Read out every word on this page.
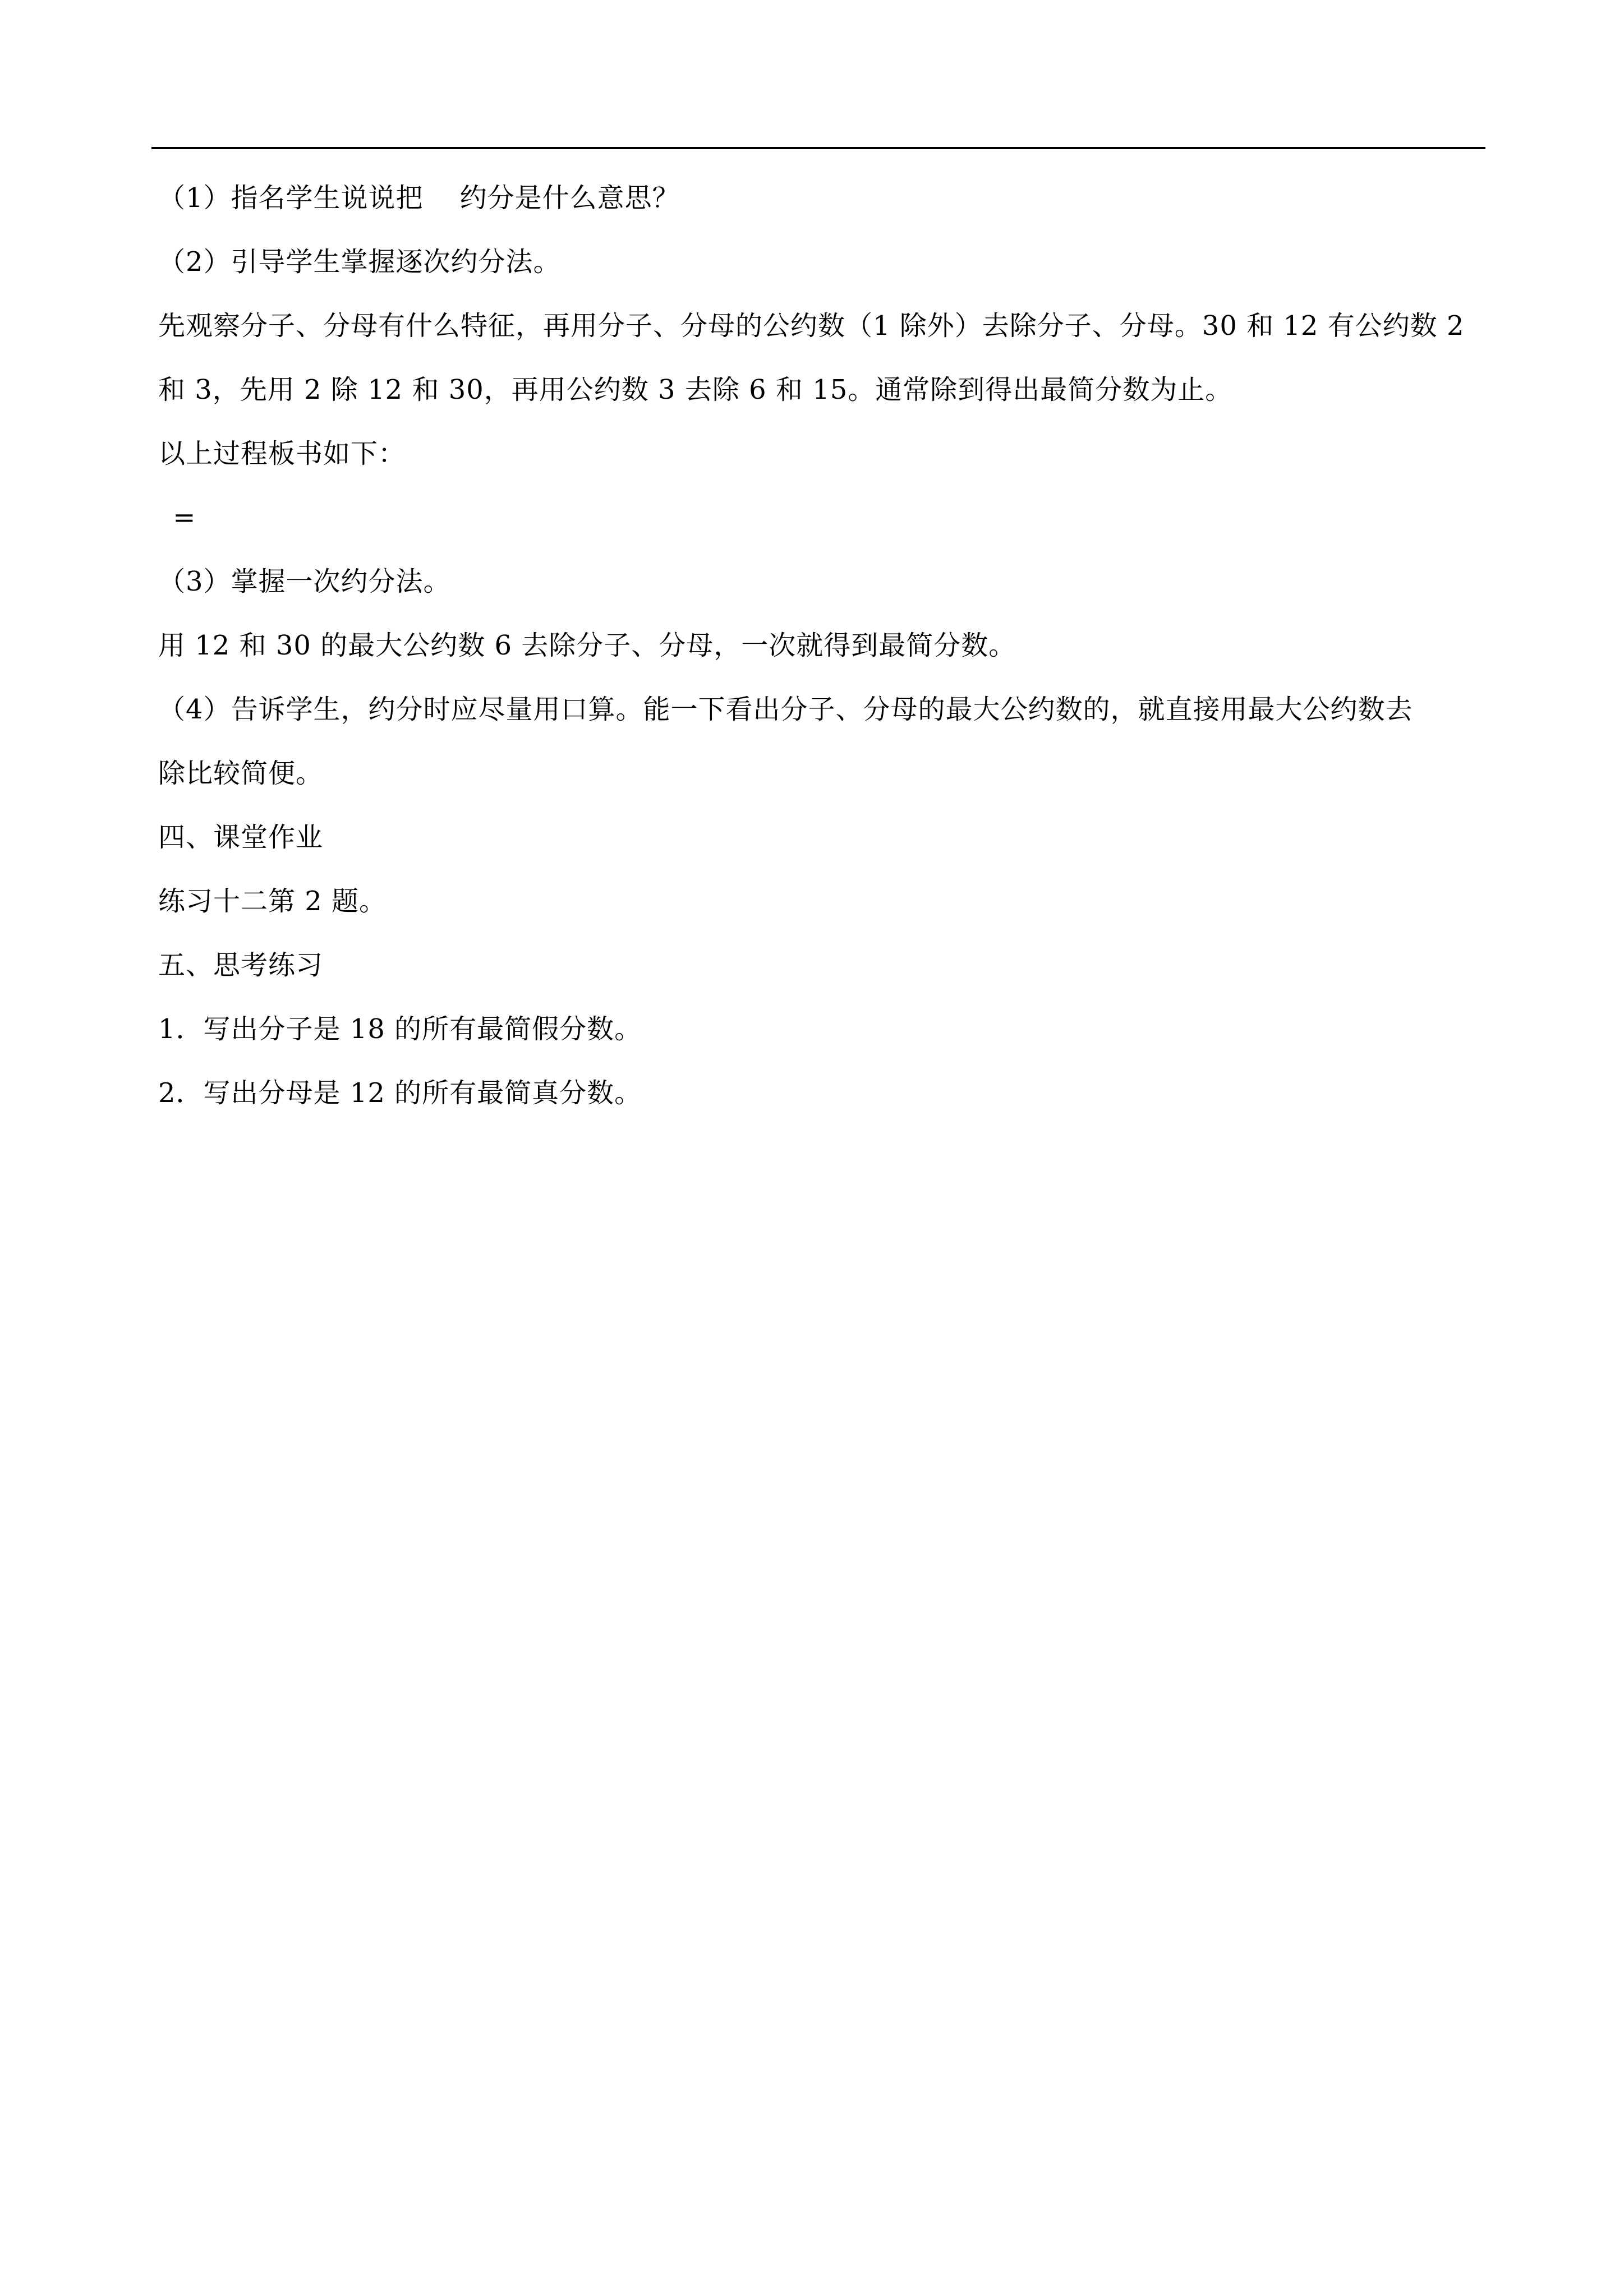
（1）指名学生说说把    约分是什么意思？
（2）引导学生掌握逐次约分法。
先观察分子、分母有什么特征，再用分子、分母的公约数（1 除外）去除分子、分母。30 和 12 有公约数 2
和 3，先用 2 除 12 和 30，再用公约数 3 去除 6 和 15。通常除到得出最简分数为止。
以上过程板书如下：
=
（3）掌握一次约分法。
用 12 和 30 的最大公约数 6 去除分子、分母，一次就得到最简分数。
（4）告诉学生，约分时应尽量用口算。能一下看出分子、分母的最大公约数的，就直接用最大公约数去
除比较简便。
四、课堂作业
练习十二第 2 题。
五、思考练习
1．写出分子是 18 的所有最简假分数。
2．写出分母是 12 的所有最简真分数。
